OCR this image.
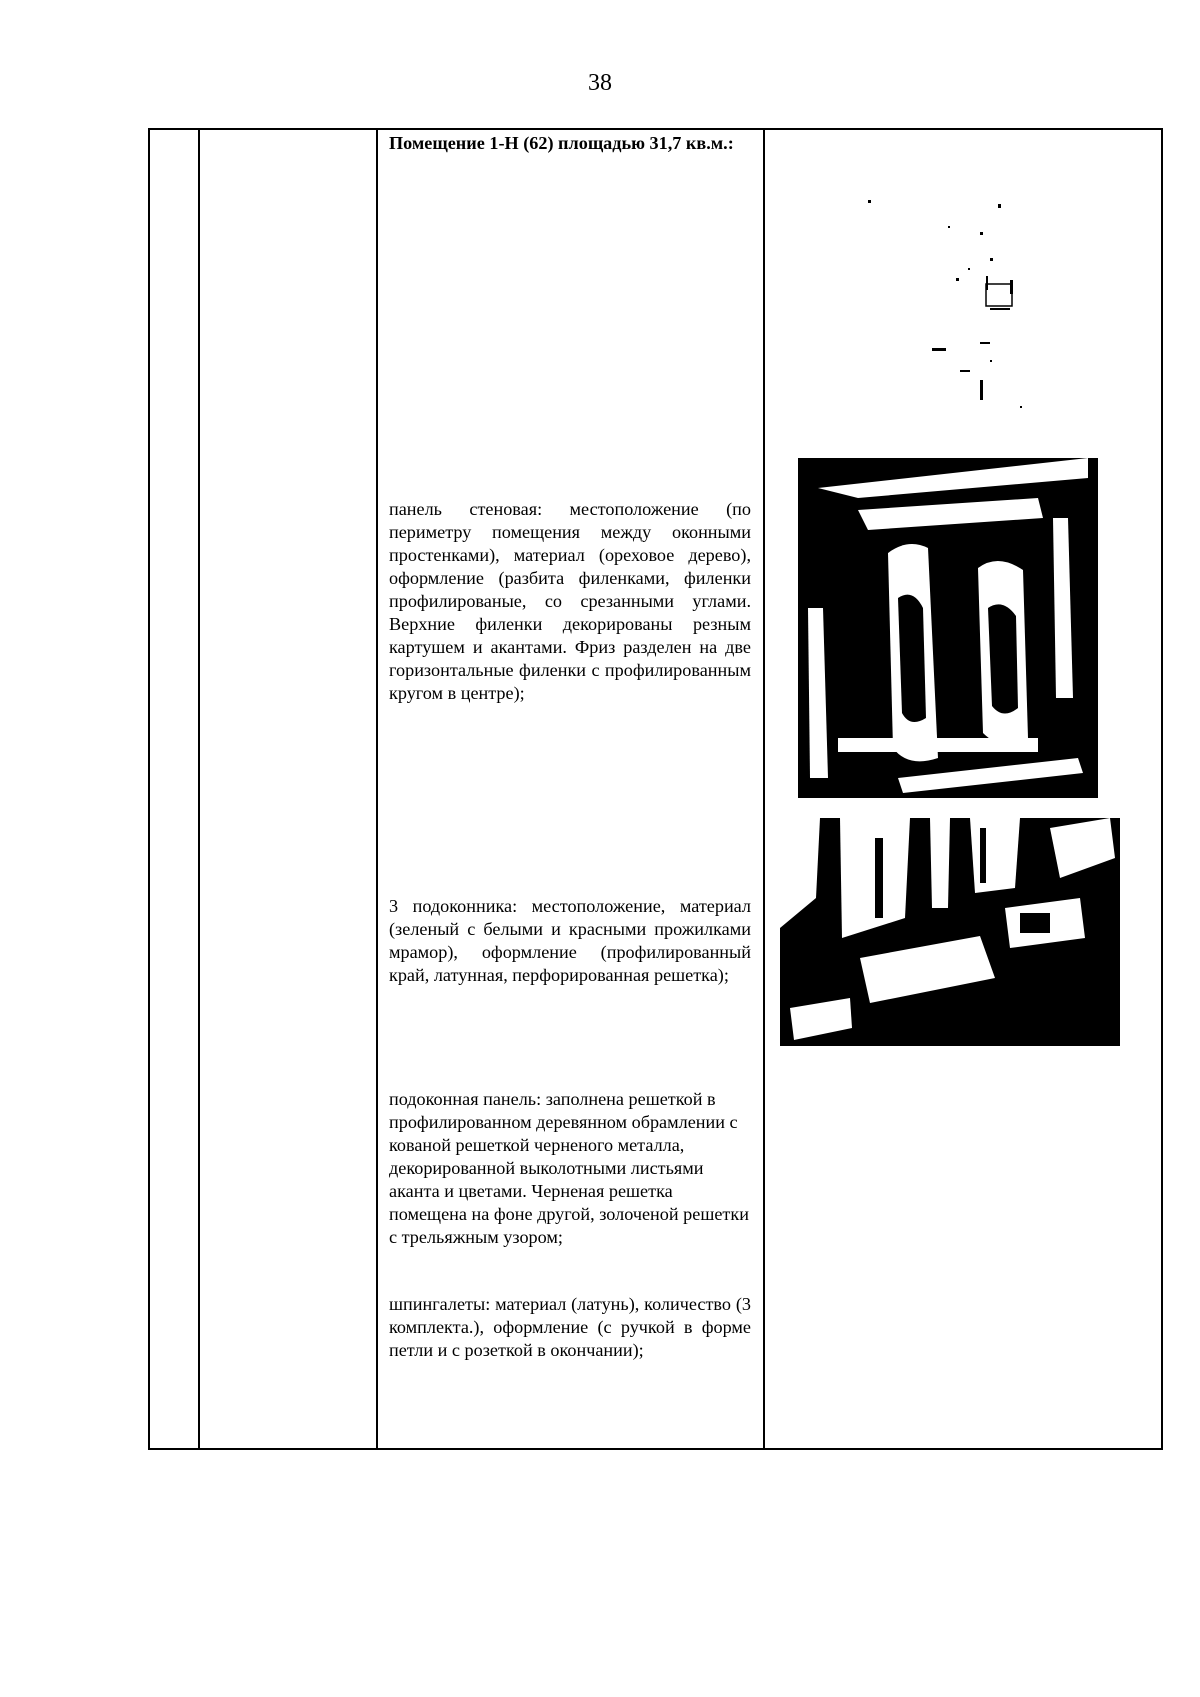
38
Помещение 1-Н (62) площадью 31,7 кв.м.:
панель стеновая: местоположение (по периметру помещения между оконными простенками), материал (ореховое дерево), оформление (разбита филенками, филенки профилированые, со срезанными углами. Верхние филенки декорированы резным картушем и акантами. Фриз разделен на две горизонтальные филенки с профилированным кругом в центре);
3 подоконника: местоположение, материал (зеленый с белыми и красными прожилками мрамор), оформление (профилированный край, латунная, перфорированная решетка);
подоконная панель: заполнена решеткой в профилированном деревянном обрамлении с кованой решеткой черненого металла, декорированной выколотными листьями аканта и цветами. Черненая решетка помещена на фоне другой, золоченой решетки с трельяжным узором;
шпингалеты: материал (латунь), количество (3 комплекта.), оформление (с ручкой в форме петли и с розеткой в окончании);
